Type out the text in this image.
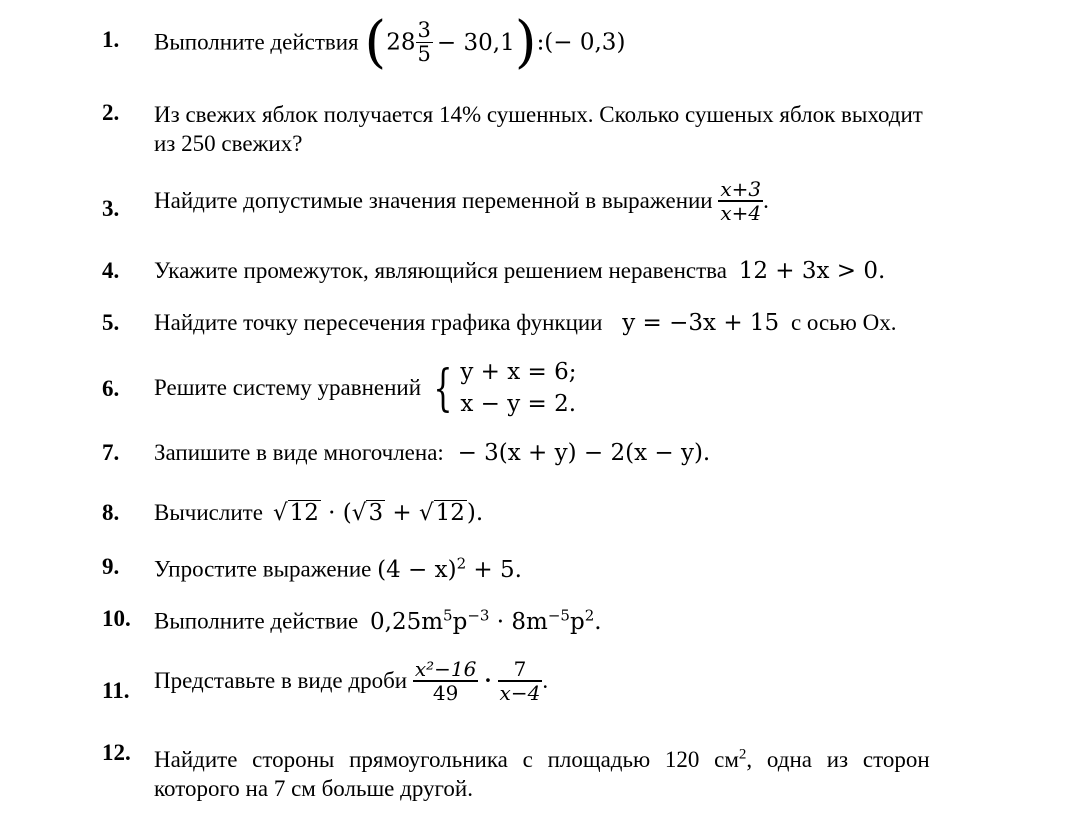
1. Выполните действия ($28 \frac{3}{5}$ − 30,1):(− 0,3)
2. Из свежих яблок получается 14% сушенных. Сколько сушеных яблок выходит
из 250 свежих?
3. Найдите допустимые значения переменной в выражении $\frac{x+3}{x+4}$ .
4. Укажите промежуток, являющийся решением неравенства 12 + 3x > 0.
5. Найдите точку пересечения графика функции y = −3x + 15 с осью Ox.
6. Решите систему уравнений { y + x = 6;
x − y = 2.
7. Запишите в виде многочлена: − 3(x + y) − 2(x − y).
8. Вычислите √12 · (√3 + √12).
9. Упростите выражение $(4 - x)^2 + 5$.
10. Выполните действие $0,25m^5p^{-3} \cdot 8m^{-5}p^2$.
11. Представьте в виде дроби $\frac{\text{x²−16}}{49} \cdot \frac{7}{x-4}$ .
12. Найдите стороны прямоугольника с площадью 120 $см^2$, одна из сторон
которого на 7 см больше другой.
